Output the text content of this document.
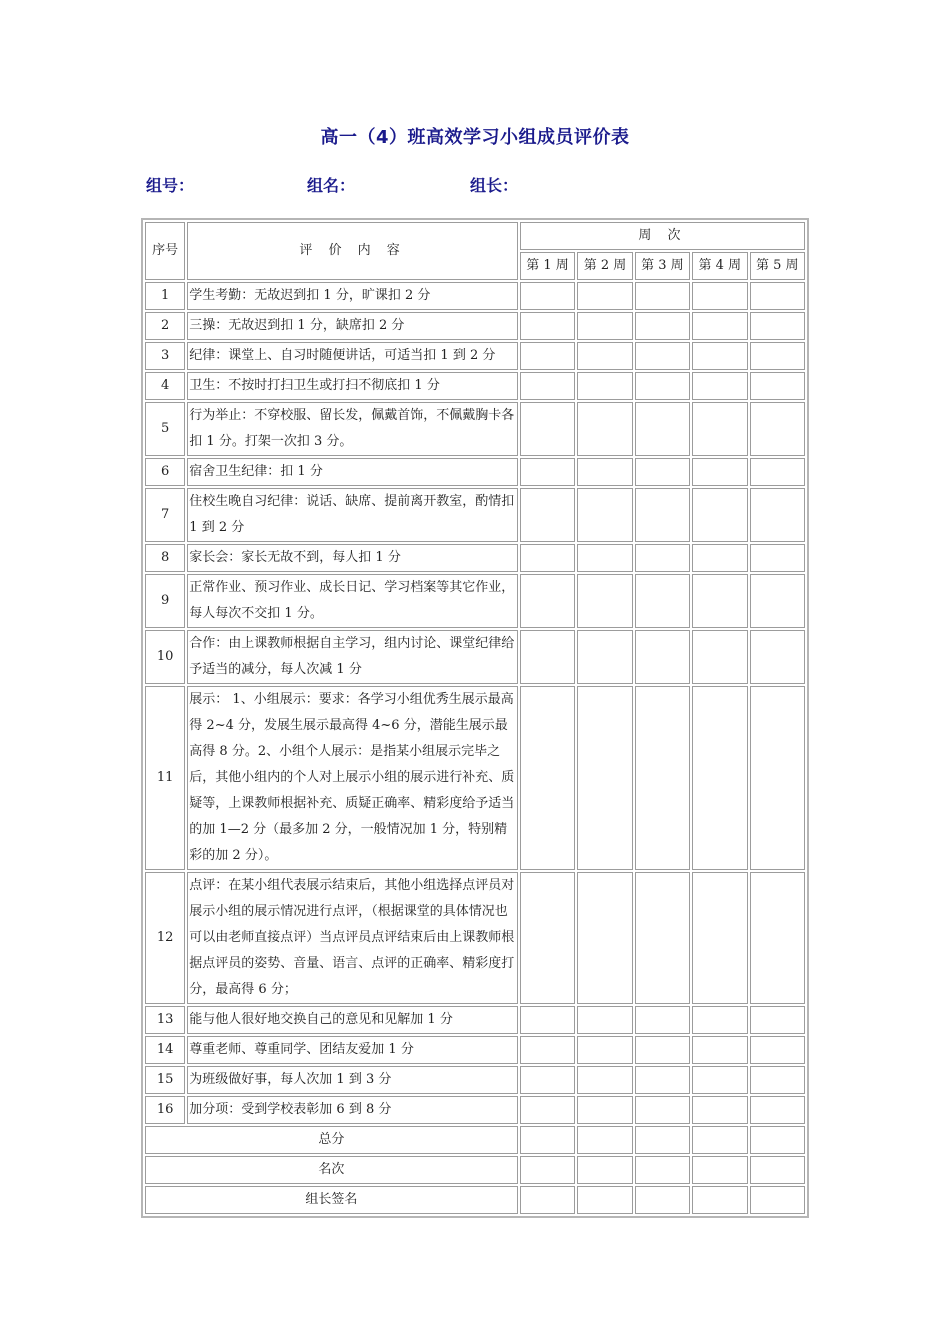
高一（4）班高效学习小组成员评价表
组号：	组名：	组长：
序号	评 价 内 容	周 次				
		第 1 周	第 2 周	第 3 周	第 4 周	第 5 周
1	学生考勤：无故迟到扣 1 分，旷课扣 2 分					
2	三操：无故迟到扣 1 分，缺席扣 2 分					
3	纪律：课堂上、自习时随便讲话，可适当扣 1 到 2 分					
4	卫生：不按时打扫卫生或打扫不彻底扣 1 分					
5	行为举止：不穿校服、留长发，佩戴首饰，不佩戴胸卡各扣 1 分。打架一次扣 3 分。					
6	宿舍卫生纪律：扣 1 分					
7	住校生晚自习纪律：说话、缺席、提前离开教室，酌情扣 1 到 2 分					
8	家长会：家长无故不到，每人扣 1 分					
9	正常作业、预习作业、成长日记、学习档案等其它作业，每人每次不交扣 1 分。					
10	合作：由上课教师根据自主学习，组内讨论、课堂纪律给予适当的减分，每人次减 1 分					
11	展示： 1、小组展示：要求：各学习小组优秀生展示最高得 2~4 分，发展生展示最高得 4~6 分，潜能生展示最高得 8 分。2、小组个人展示：是指某小组展示完毕之后，其他小组内的个人对上展示小组的展示进行补充、质疑等，上课教师根据补充、质疑正确率、精彩度给予适当的加 1—2 分（最多加 2 分，一般情况加 1 分，特别精彩的加 2 分）。					
12	点评：在某小组代表展示结束后，其他小组选择点评员对展示小组的展示情况进行点评，（根据课堂的具体情况也可以由老师直接点评）当点评员点评结束后由上课教师根据点评员的姿势、音量、语言、点评的正确率、精彩度打分，最高得 6 分；					
13	能与他人很好地交换自己的意见和见解加 1 分					
14	尊重老师、尊重同学、团结友爱加 1 分					
15	为班级做好事，每人次加 1 到 3 分					
16	加分项：受到学校表彰加 6 到 8 分					
总分						
名次						
组长签名						
